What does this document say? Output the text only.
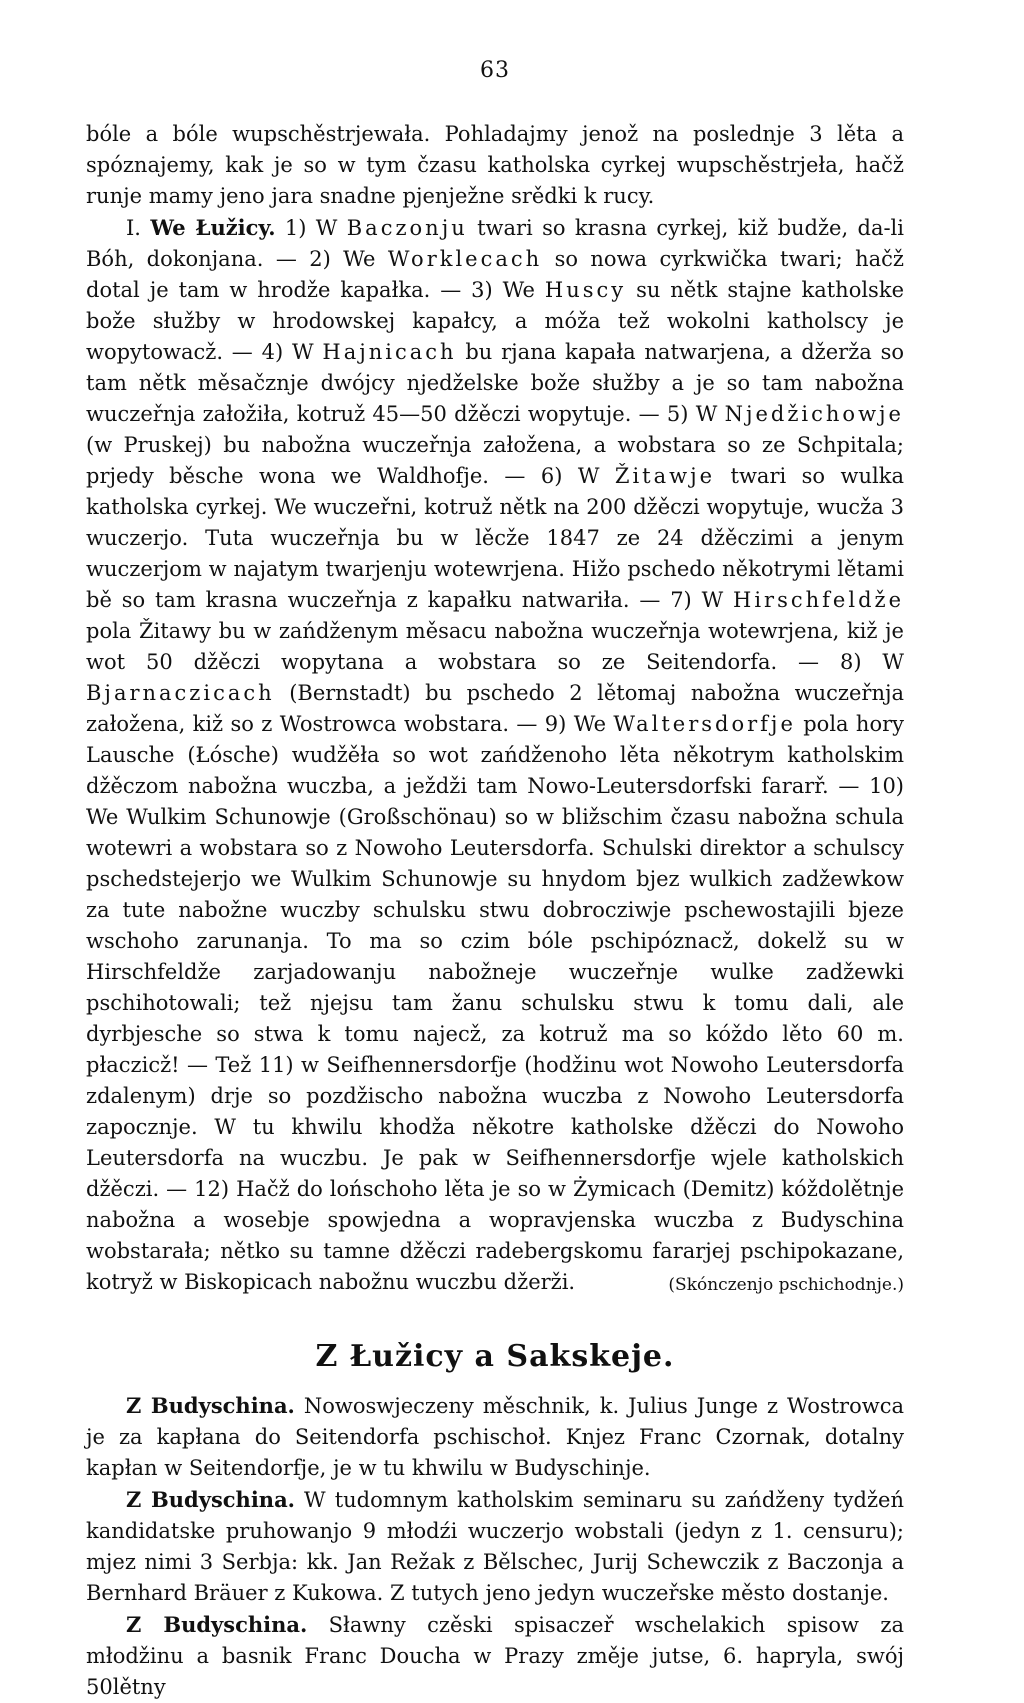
63

bóle a bóle wupschěstrjewała. Pohladajmy jenož na poslednje 3 lěta a spóznajemy, kak je so w tym čzasu katholska cyrkej wupschěstrjeła, hačž runje mamy jeno jara snadne pjenježne srědki k rucy.

I. We Łužicy. 1) W Baczonju twari so krasna cyrkej, kiž budže, da-li Bóh, dokonjana. — 2) We Worklecach so nowa cyrkwička twari; hačž dotal je tam w hrodže kapałka. — 3) We Huscy su nětk stajne katholske bože słužby w hrodowskej kapałcy, a móža tež wokolni katholscy je wopytowacž. — 4) W Hajnicach bu rjana kapała natwarjena, a džerža so tam nětk měsačznje dwójcy njedželske bože słužby a je so tam nabožna wuczeřnja załožiła, kotruž 45—50 džěczi wopytuje. — 5) W Njedžichowje (w Pruskej) bu nabožna wuczeřnja załožena, a wobstara so ze Schpitala; prjedy běsche wona we Waldhofje. — 6) W Žitawje twari so wulka katholska cyrkej. We wuczeřni, kotruž nětk na 200 džěczi wopytuje, wucža 3 wuczerjo. Tuta wuczeřnja bu w lěcže 1847 ze 24 džěczimi a jenym wuczerjom w najatym twarjenju wotewrjena. Hižo pschedo někotrymi lětami bě so tam krasna wuczeřnja z kapałku natwariła. — 7) W Hirschfeldže pola Žitawy bu w zańdženym měsacu nabožna wuczeřnja wotewrjena, kiž je wot 50 džěczi wopytana a wobstara so ze Seitendorfa. — 8) W Bjarnaczicach (Bernstadt) bu pschedo 2 lětomaj nabožna wuczeřnja załožena, kiž so z Wostrowca wobstara. — 9) We Waltersdorfje pola hory Lausche (Łósche) wudžěła so wot zańdženoho lěta někotrym katholskim džěczom nabožna wuczba, a ježdži tam Nowo-Leutersdorfski fararř. — 10) We Wulkim Schunowje (Großschönau) so w bližschim čzasu nabožna schula wotewri a wobstara so z Nowoho Leutersdorfa. Schulski direktor a schulscy pschedstejerjo we Wulkim Schunowje su hnydom bjez wulkich zadžewkow za tute nabožne wuczby schulsku stwu dobrocziwje pschewostajili bjeze wschoho zarunanja. To ma so czim bóle pschipóznacž, dokelž su w Hirschfeldže zarjadowanju nabožneje wuczeřnje wulke zadžewki pschihotowali; tež njejsu tam žanu schulsku stwu k tomu dali, ale dyrbjesche so stwa k tomu najecž, za kotruž ma so kóždo lěto 60 m. płaczicž! — Tež 11) w Seifhennersdorfje (hodžinu wot Nowoho Leutersdorfa zdalenym) drje so pozdžischo nabožna wuczba z Nowoho Leutersdorfa zapocznje. W tu khwilu khodža někotre katholske džěczi do Nowoho Leutersdorfa na wuczbu. Je pak w Seifhennersdorfje wjele katholskich džěczi. — 12) Hačž do lońschoho lěta je so w Żymicach (Demitz) kóždolětnje nabožna a wosebje spowjedna a wopravjenska wuczba z Budyschina wobstarała; nětko su tamne džěczi radebergskomu fararjej pschipokazane, kotryž w Biskopicach nabožnu wuczbu džerži.	(Skónczenjo pschichodnje.)

Z Łužicy a Sakskeje.

Z Budyschina. Nowoswjeczeny měschnik, k. Julius Junge z Wostrowca je za kapłana do Seitendorfa pschischoł. Knjez Franc Czornak, dotalny kapłan w Seitendorfje, je w tu khwilu w Budyschinje.

Z Budyschina. W tudomnym katholskim seminaru su zańdženy tydžeń kandidatske pruhowanjo 9 młodźi wuczerjo wobstali (jedyn z 1. censuru); mjez nimi 3 Serbja: kk. Jan Režak z Bělschec, Jurij Schewczik z Baczonja a Bernhard Bräuer z Kukowa. Z tutych jeno jedyn wuczeřske město dostanje.

Z Budyschina. Sławny czěski spisaczeř wschelakich spisow za młodžinu a basnik Franc Doucha w Prazy změje jutse, 6. hapryla, swój 50lětny
